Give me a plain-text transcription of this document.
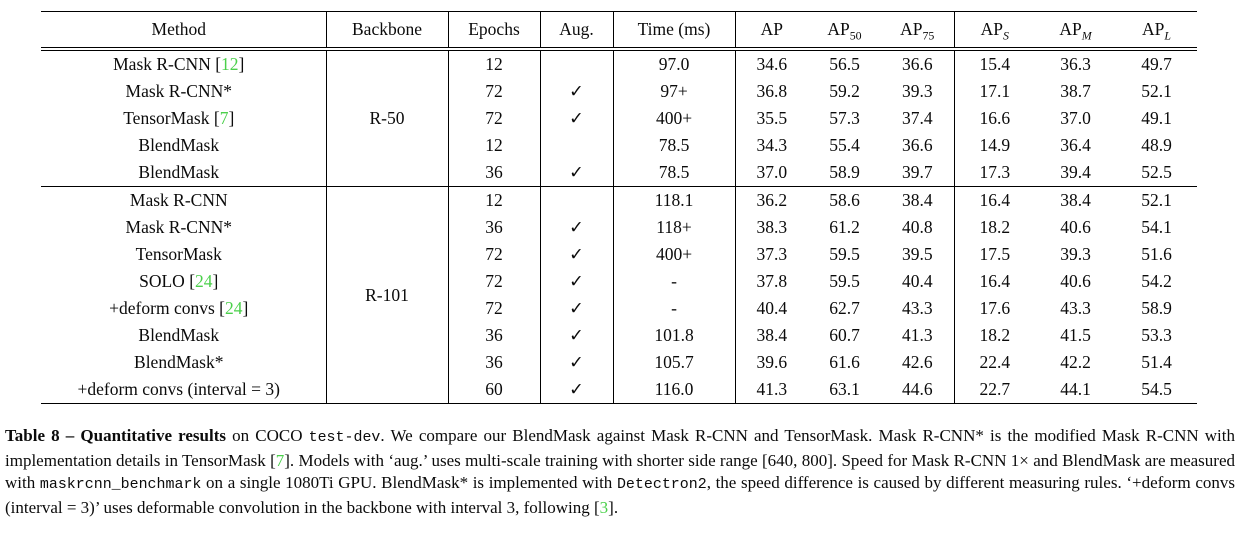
Method	Backbone	Epochs	Aug.	Time (ms)	AP	$AP_{50}$	$AP_{75}$	$AP_S$	$AP_M$	$AP_L$
Mask R-CNN [12]	R-50	12		97.0	34.6	56.5	36.6	15.4	36.3	49.7
Mask R-CNN*		72	✓	97+	36.8	59.2	39.3	17.1	38.7	52.1
TensorMask [7]		72	✓	400+	35.5	57.3	37.4	16.6	37.0	49.1
BlendMask		12		78.5	34.3	55.4	36.6	14.9	36.4	48.9
BlendMask		36	✓	78.5	37.0	58.9	39.7	17.3	39.4	52.5
Mask R-CNN	R-101	12		118.1	36.2	58.6	38.4	16.4	38.4	52.1
Mask R-CNN*		36	✓	118+	38.3	61.2	40.8	18.2	40.6	54.1
TensorMask		72	✓	400+	37.3	59.5	39.5	17.5	39.3	51.6
SOLO [24]		72	✓	-	37.8	59.5	40.4	16.4	40.6	54.2
+deform convs [24]		72	✓	-	40.4	62.7	43.3	17.6	43.3	58.9
BlendMask		36	✓	101.8	38.4	60.7	41.3	18.2	41.5	53.3
BlendMask*		36	✓	105.7	39.6	61.6	42.6	22.4	42.2	51.4
+deform convs (interval = 3)		60	✓	116.0	41.3	63.1	44.6	22.7	44.1	54.5

Table 8 – Quantitative results on COCO test-dev. We compare our BlendMask against Mask R-CNN and TensorMask. Mask R-CNN* is the modified Mask R-CNN with implementation details in TensorMask [7]. Models with ‘aug.’ uses multi-scale training with shorter side range [640, 800]. Speed for Mask R-CNN 1× and BlendMask are measured with maskrcnn_benchmark on a single 1080Ti GPU. BlendMask* is implemented with Detectron2, the speed difference is caused by different measuring rules. ‘+deform convs (interval = 3)’ uses deformable convolution in the backbone with interval 3, following [3].
